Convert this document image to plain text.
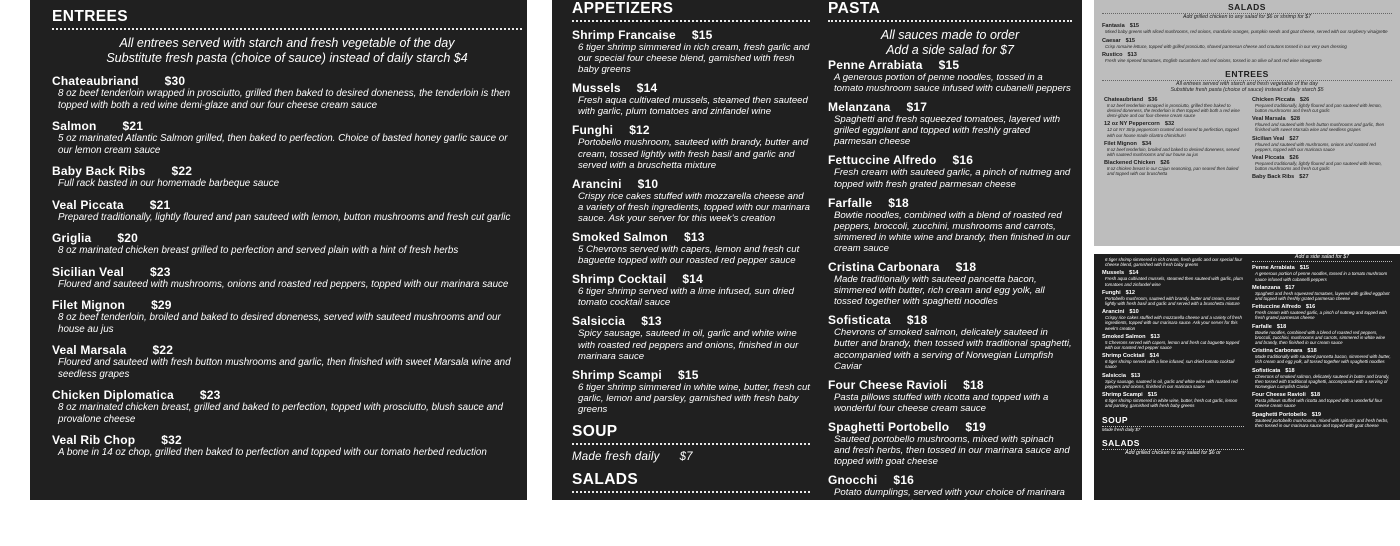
ENTREES
All entrees served with starch and fresh vegetable of the day
Substitute fresh pasta (choice of sauce) instead of daily starch $4
Chateaubriand $30
8 oz beef tenderloin wrapped in prosciutto, grilled then baked to desired doneness, the tenderloin is then topped with both a red wine demi-glaze and our four cheese cream sauce
Salmon $21
5 oz marinated Atlantic Salmon grilled, then baked to perfection. Choice of basted honey garlic sauce or our lemon cream sauce
Baby Back Ribs $22
Full rack basted in our homemade barbeque sauce
Veal Piccata $21
Prepared traditionally, lightly floured and pan sauteed with lemon, button mushrooms and fresh cut garlic
Griglia $20
8 oz marinated chicken breast grilled to perfection and served plain with a hint of fresh herbs
Sicilian Veal $23
Floured and sauteed with mushrooms, onions and roasted red peppers, topped with our marinara sauce
Filet Mignon $29
8 oz beef tenderloin, broiled and baked to desired doneness, served with sauteed mushrooms and our house au jus
Veal Marsala $22
Floured and sauteed with fresh button mushrooms and garlic, then finished with sweet Marsala wine and seedless grapes
Chicken Diplomatica $23
8 oz marinated chicken breast, grilled and baked to perfection, topped with prosciutto, blush sauce and provalone cheese
Veal Rib Chop $32
A bone in 14 oz chop, grilled then baked to perfection and topped with our tomato herbed reduction
APPETIZERS
Shrimp Francaise $15
6 tiger shrimp simmered in rich cream, fresh garlic and our special four cheese blend, garnished with fresh baby greens
Mussels $14
Fresh aqua cultivated mussels, steamed then sauteed with garlic, plum tomatoes and zinfandel wine
Funghi $12
Portobello mushroom, sauteed with brandy, butter and cream, tossed lightly with fresh basil and garlic and served with a bruschetta mixture
Arancini $10
Crispy rice cakes stuffed with mozzarella cheese and a variety of fresh ingredients, topped with our marinara sauce. Ask your server for this week's creation
Smoked Salmon $13
5 Chevrons served with capers, lemon and fresh cut baguette topped with our roasted red pepper sauce
Shrimp Cocktail $14
6 tiger shrimp served with a lime infused, sun dried tomato cocktail sauce
Salsiccia $13
Spicy sausage, sauteed in oil, garlic and white wine with roasted red peppers and onions, finished in our marinara sauce
Shrimp Scampi $15
6 tiger shrimp simmered in white wine, butter, fresh cut garlic, lemon and parsley, garnished with fresh baby greens
SOUP
Made fresh daily $7
SALADS
Add grilled chicken to any salad for $6
or shrimp for $7
Fantasia $13
PASTA
All sauces made to order
Add a side salad for $7
Penne Arrabiata $15
A generous portion of penne noodles, tossed in a tomato mushroom sauce infused with cubanelli peppers
Melanzana $17
Spaghetti and fresh squeezed tomatoes, layered with grilled eggplant and topped with freshly grated parmesan cheese
Fettuccine Alfredo $16
Fresh cream with sauteed garlic, a pinch of nutmeg and topped with fresh grated parmesan cheese
Farfalle $18
Bowtie noodles, combined with a blend of roasted red peppers, broccoli, zucchini, mushrooms and carrots, simmered in white wine and brandy, then finished in our cream sauce
Cristina Carbonara $18
Made traditionally with sauteed pancetta bacon, simmered with butter, rich cream and egg yolk, all tossed together with spaghetti noodles
Sofisticata $18
Chevrons of smoked salmon, delicately sauteed in butter and brandy, then tossed with traditional spaghetti, accompanied with a serving of Norwegian Lumpfish Caviar
Four Cheese Ravioli $18
Pasta pillows stuffed with ricotta and topped with a wonderful four cheese cream sauce
Spaghetti Portobello $19
Sauteed portobello mushrooms, mixed with spinach and fresh herbs, then tossed in our marinara sauce and topped with goat cheese
Gnocchi $16
Potato dumplings, served with your choice of marinara or cream sauce, simmered and tossed
SALADS
Add grilled chicken to any salad for $6 or shrimp for $7
Fantasia $15
Mixed baby greens with sliced mushrooms, red onions, mandarin oranges, pumpkin seeds and goat cheese, served with our raspberry vinaigrette
Caesar $15
Crisp romaine lettuce, topped with grilled prosciutto, shaved parmesan cheese and croutons tossed in our very own dressing
Rustico $13
Fresh vine ripened tomatoes, English cucumbers and red onions, tossed in an olive oil and red wine vinegarette
ENTREES
All entrees served with starch and fresh vegetable of the day
Substitute fresh pasta (choice of sauce) instead of daily starch $5
Chateaubriand $36
8 oz beef tenderloin wrapped in prosciutto, grilled then baked to desired doneness, the tenderloin is then topped with both a red wine demi-glaze and our four-cheese cream sauce
12 oz NY Peppercorn $32
12 oz NY Strip peppercorn crusted and seared to perfection, topped with our house made cilantro chimichurri
Filet Mignon $34
8 oz beef tenderloin, broiled and baked to desired doneness, served with sauteed mushrooms and our house au jus
Blackened Chicken $26
8 oz chicken breast in our Cajun seasoning, pan seared then baked and topped with our bruschetta
Chicken Piccata $26
Prepared traditionally, lightly floured and pan sauteed with lemon, button mushrooms and fresh cut garlic
Veal Marsala $28
Floured and sauteed with fresh button mushrooms and garlic, then finished with sweet Marsala wine and seedless grapes
Sicilian Veal $27
Floured and sauteed with mushrooms, onions and roasted red peppers, topped with our marinara sauce
Veal Piccata $26
Prepared traditionally, lightly floured and pan sauteed with lemon, button mushrooms and fresh cut garlic
Baby Back Ribs $27
6 tiger shrimp simmered in rich cream, fresh garlic and our special four cheese blend, garnished with fresh baby greens
Mussels $14
Fresh aqua cultivated mussels, steamed then sauteed with garlic, plum tomatoes and zinfandel wine
Funghi $12
Portobello mushroom, sauteed with brandy, butter and cream, tossed lightly with fresh basil and garlic and served with a bruschetta mixture
Arancini $10
Crispy rice cakes stuffed with mozzarella cheese and a variety of fresh ingredients, topped with our marinara sauce. Ask your server for this week's creation
Smoked Salmon $13
5 Chevrons served with capers, lemon and fresh cut baguette topped with our roasted red pepper sauce
Shrimp Cocktail $14
6 tiger shrimp served with a lime infused, sun dried tomato cocktail sauce
Salsiccia $13
Spicy sausage, sauteed in oil, garlic and white wine with roasted red peppers and onions, finished in our marinara sauce
Shrimp Scampi $15
6 tiger shrimp simmered in white wine, butter, fresh cut garlic, lemon and parsley, garnished with fresh baby greens
SOUP
Made fresh daily $7
SALADS
Add grilled chicken to any salad for $6 or
Add a side salad for $7
Penne Arrabiata $15
A generous portion of penne noodles, tossed in a tomato mushroom sauce infused with cubanelli peppers
Melanzana $17
Spaghetti and fresh squeezed tomatoes, layered with grilled eggplant and topped with freshly grated parmesan cheese
Fettuccine Alfredo $16
Fresh cream with sauteed garlic, a pinch of nutmeg and topped with fresh grated parmesan cheese
Farfalle $18
Bowtie noodles, combined with a blend of roasted red peppers, broccoli, zucchini, mushrooms and carrots, simmered in white wine and brandy, then finished in our cream sauce
Cristina Carbonara $18
Made traditionally with sauteed pancetta bacon, simmered with butter, rich cream and egg yolk, all tossed together with spaghetti noodles
Sofisticata $18
Chevrons of smoked salmon, delicately sauteed in butter and brandy, then tossed with traditional spaghetti, accompanied with a serving of Norwegian Lumpfish Caviar
Four Cheese Ravioli $18
Pasta pillows stuffed with ricotta and topped with a wonderful four cheese cream sauce
Spaghetti Portobello $19
Sauteed portobello mushrooms, mixed with spinach and fresh herbs, then tossed in our marinara sauce and topped with goat cheese
